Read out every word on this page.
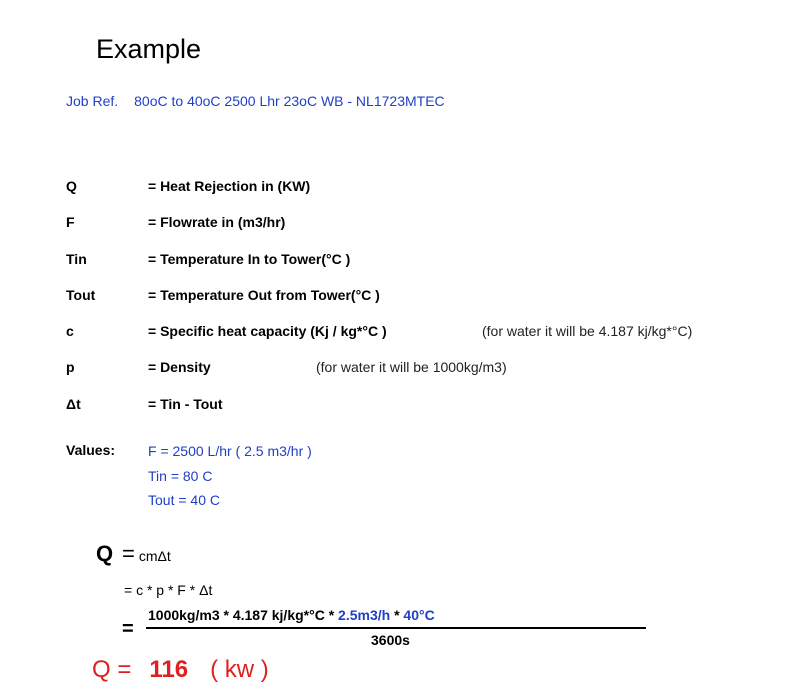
Example
Job Ref. 80oC to 40oC 2500 Lhr 23oC WB - NL1723MTEC
Q	= Heat Rejection in (KW)
F	= Flowrate in (m3/hr)
Tin	= Temperature In to Tower(°C )
Tout	= Temperature Out from Tower(°C )
c	= Specific heat capacity (Kj / kg*°C )	(for water it will be 4.187 kj/kg*°C)
p	= Density	(for water it will be 1000kg/m3)
Δt	= Tin - Tout
Values: F = 2500 L/hr ( 2.5 m3/hr )
Tin = 80 C
Tout = 40 C
Q = cmΔt
= c * p * F * Δt
=
1000kg/m3 * 4.187 kj/kg*°C * 2.5m3/h * 40°C
3600s
Q = 116 ( kw )
